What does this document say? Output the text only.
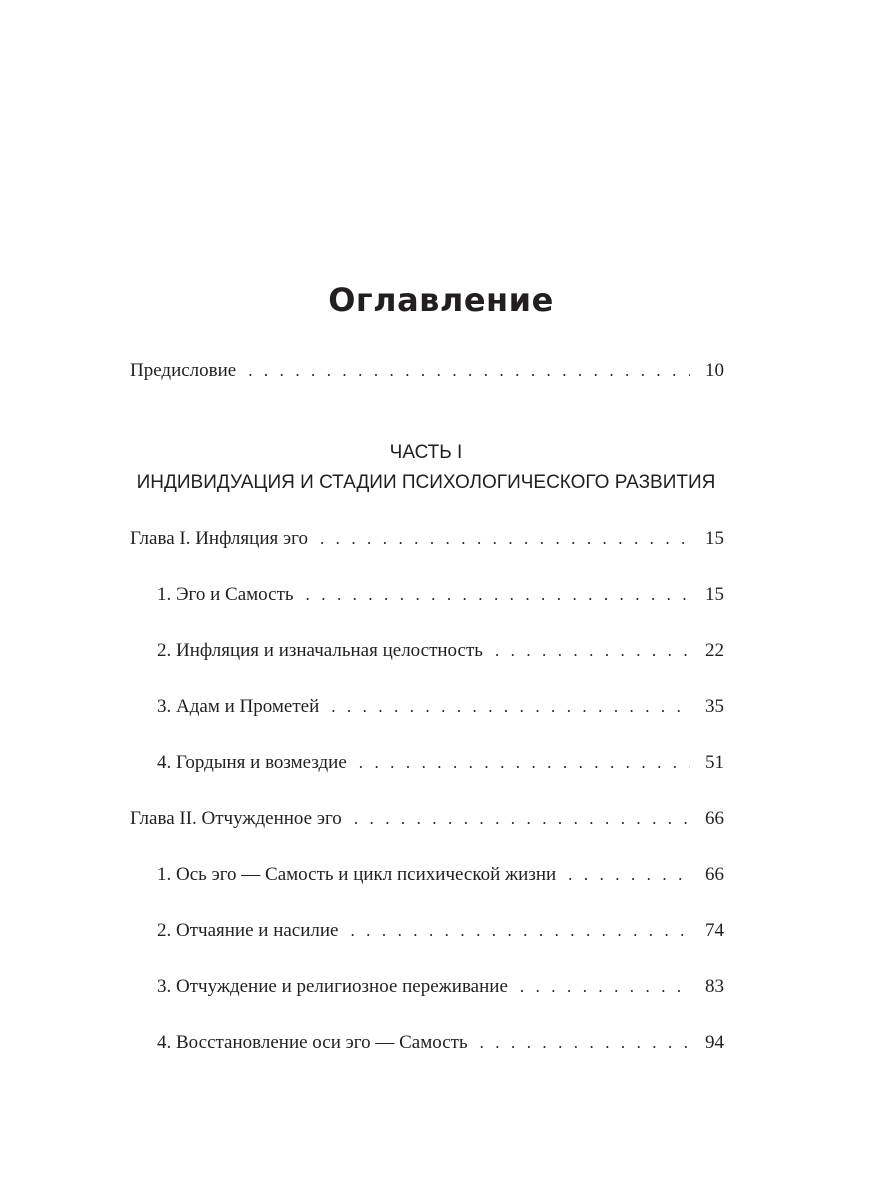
Оглавление
Предисловие . . .	10
ЧАСТЬ I
ИНДИВИДУАЦИЯ И СТАДИИ ПСИХОЛОГИЧЕСКОГО РАЗВИТИЯ
Глава I. Инфляция эго . . .	15
1. Эго и Самость . . .	15
2. Инфляция и изначальная целостность . . .	22
3. Адам и Прометей . . .	35
4. Гордыня и возмездие . . .	51
Глава II. Отчужденное эго . . .	66
1. Ось эго — Самость и цикл психической жизни . . .	66
2. Отчаяние и насилие . . .	74
3. Отчуждение и религиозное переживание . . .	83
4. Восстановление оси эго — Самость . . .	94
